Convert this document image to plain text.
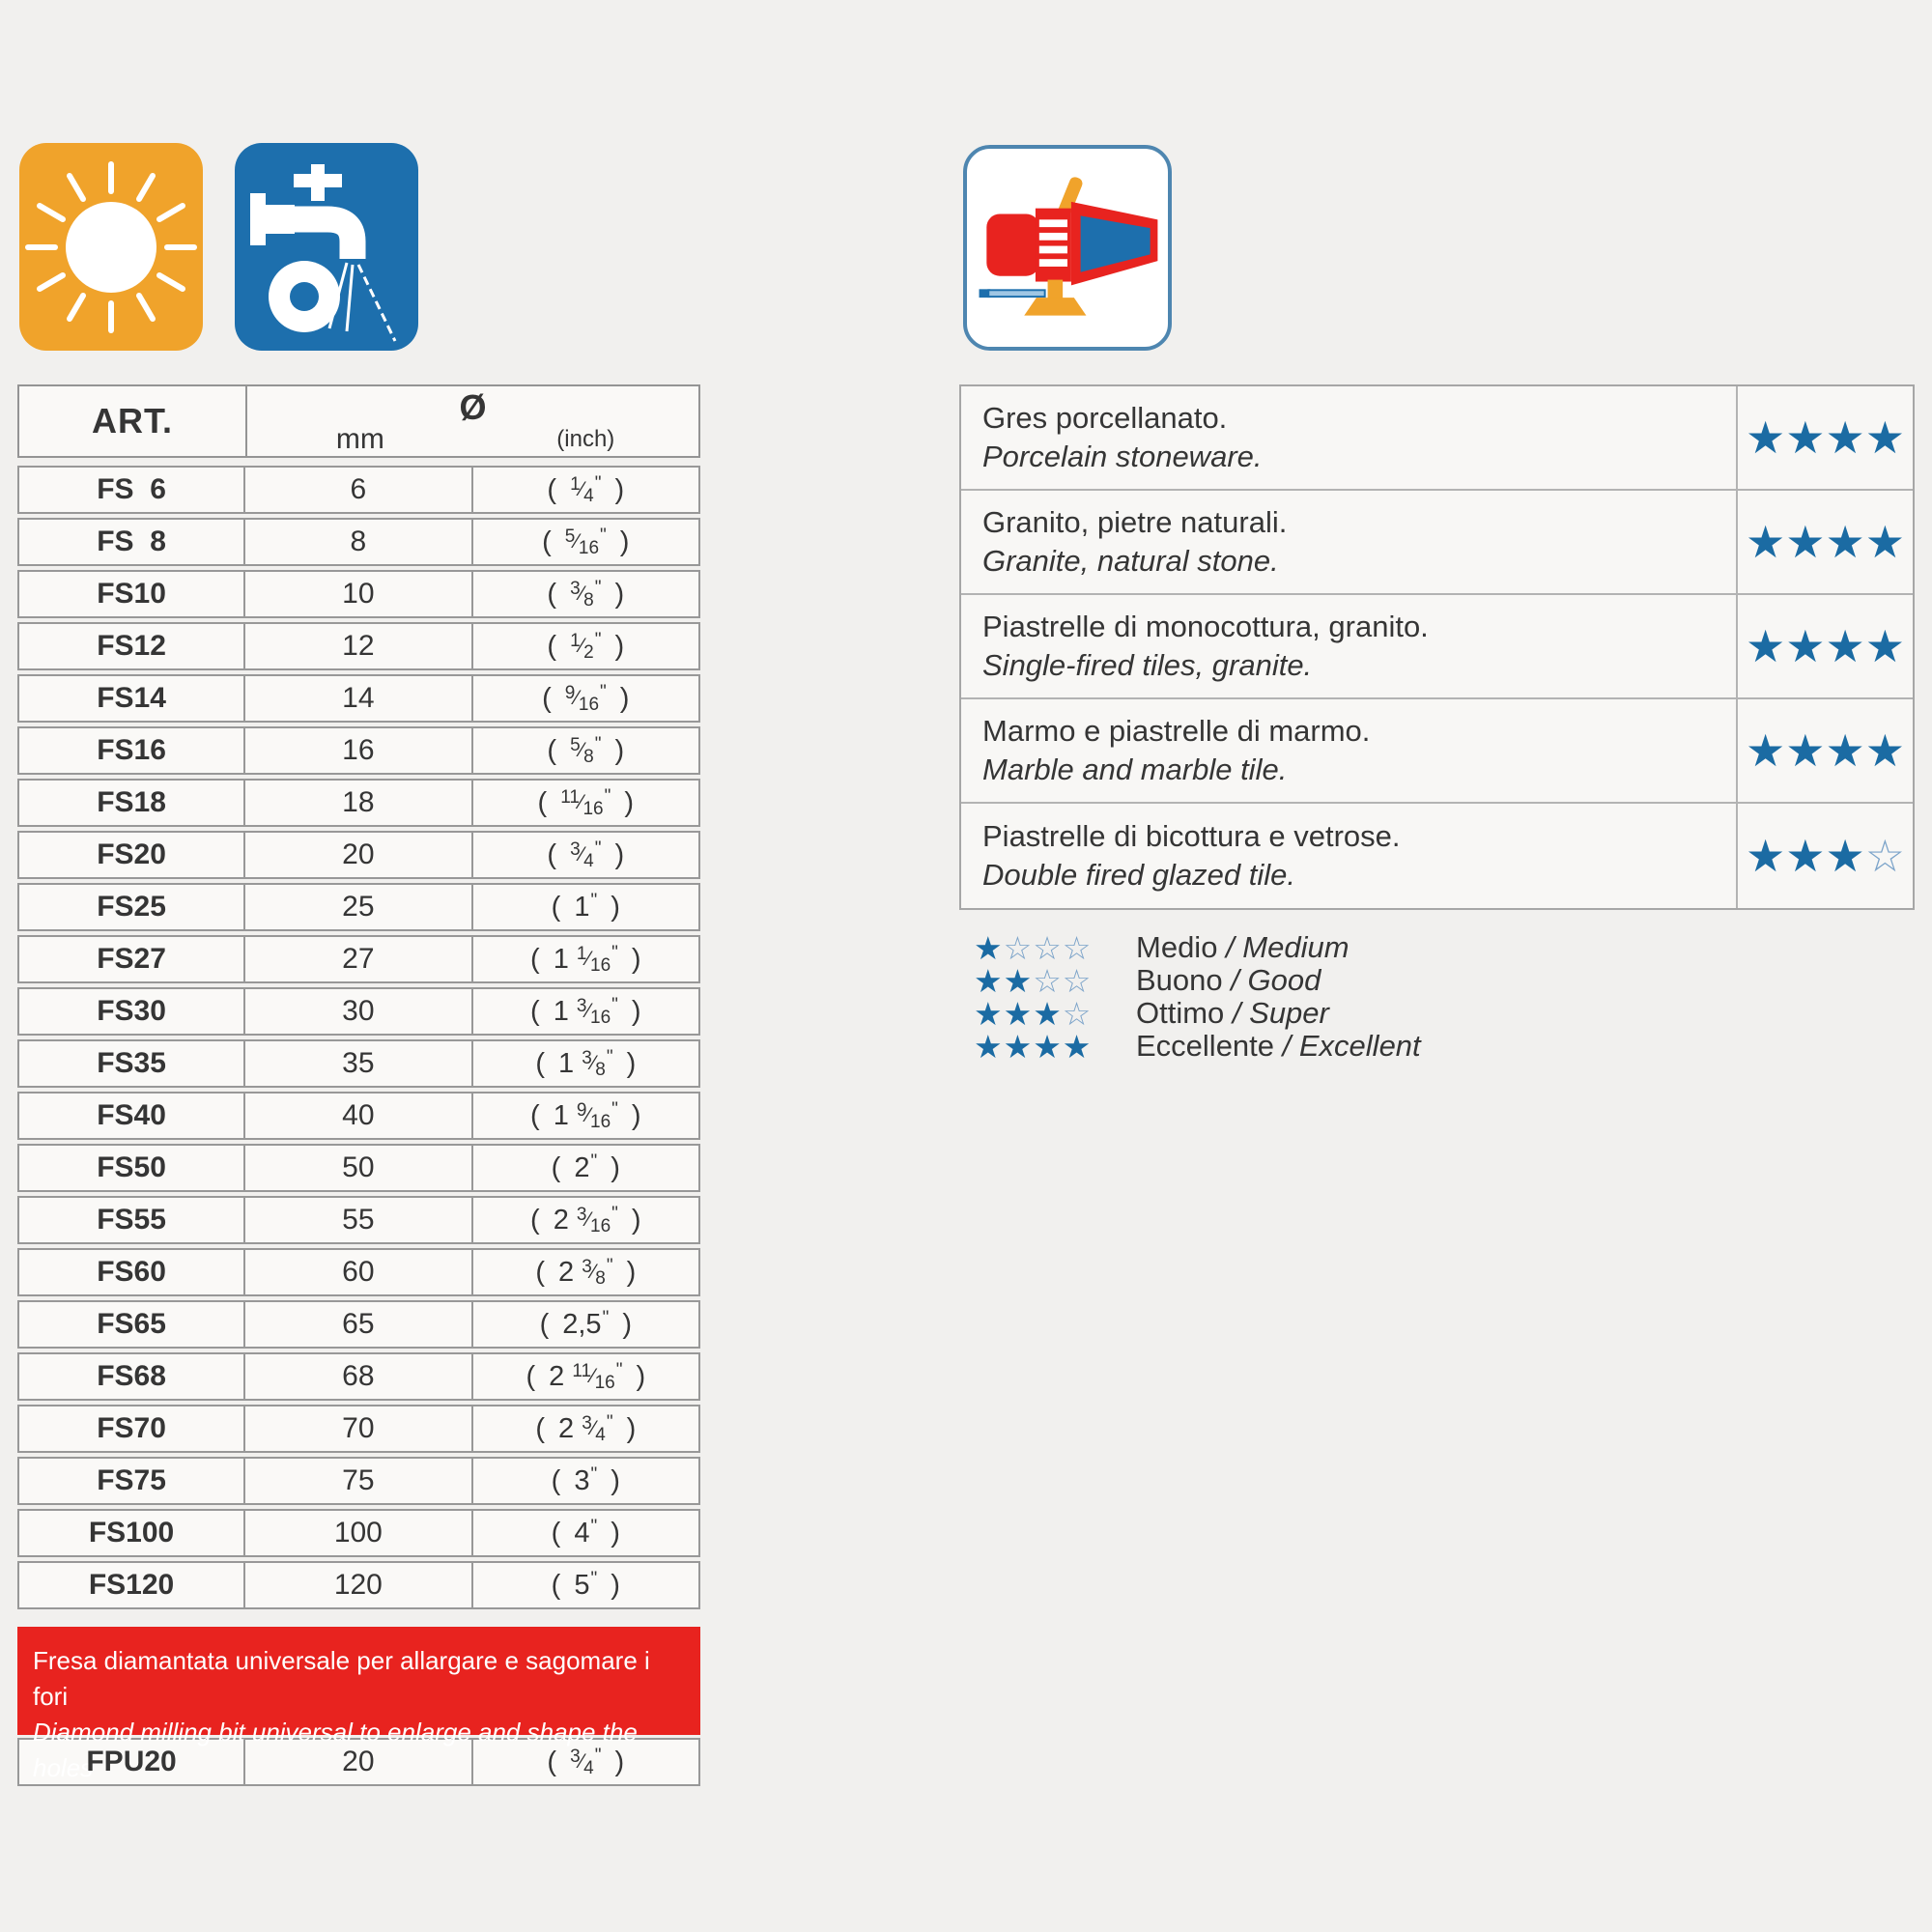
ART.	Ø
mm	(inch)
FS  6	6	( $^1$⁄4" )
FS  8	8	( $^5$⁄16" )
FS10	10	( $^3$⁄8" )
FS12	12	( $^1$⁄2" )
FS14	14	( $^9$⁄16" )
FS16	16	( $^5$⁄8" )
FS18	18	( $^{11}$⁄16" )
FS20	20	( $^3$⁄4" )
FS25	25	( 1" )
FS27	27	( 1 $^1$⁄16" )
FS30	30	( 1 $^3$⁄16" )
FS35	35	( 1 $^3$⁄8" )
FS40	40	( 1 $^9$⁄16" )
FS50	50	( 2" )
FS55	55	( 2 $^3$⁄16" )
FS60	60	( 2 $^3$⁄8" )
FS65	65	( 2,5" )
FS68	68	( 2 $^{11}$⁄16" )
FS70	70	( 2 $^3$⁄4" )
FS75	75	( 3" )
FS100	100	( 4" )
FS120	120	( 5" )
Fresa diamantata universale per allargare e sagomare i fori
Diamond milling bit universal to enlarge and shape the holes
FPU20	20	( $^3$⁄4" )
Gres porcellanato.
Porcelain stoneware.	★ ★ ★ ★
Granito, pietre naturali.
Granite, natural stone.	★ ★ ★ ★
Piastrelle di monocottura, granito.
Single-fired tiles, granite.	★ ★ ★ ★
Marmo e piastrelle di marmo.
Marble and marble tile.	★ ★ ★ ★
Piastrelle di bicottura e vetrose.
Double fired glazed tile.	★ ★ ★ ☆
★☆☆☆	Medio / Medium
★★☆☆	Buono / Good
★★★☆	Ottimo / Super
★★★★	Eccellente / Excellent
